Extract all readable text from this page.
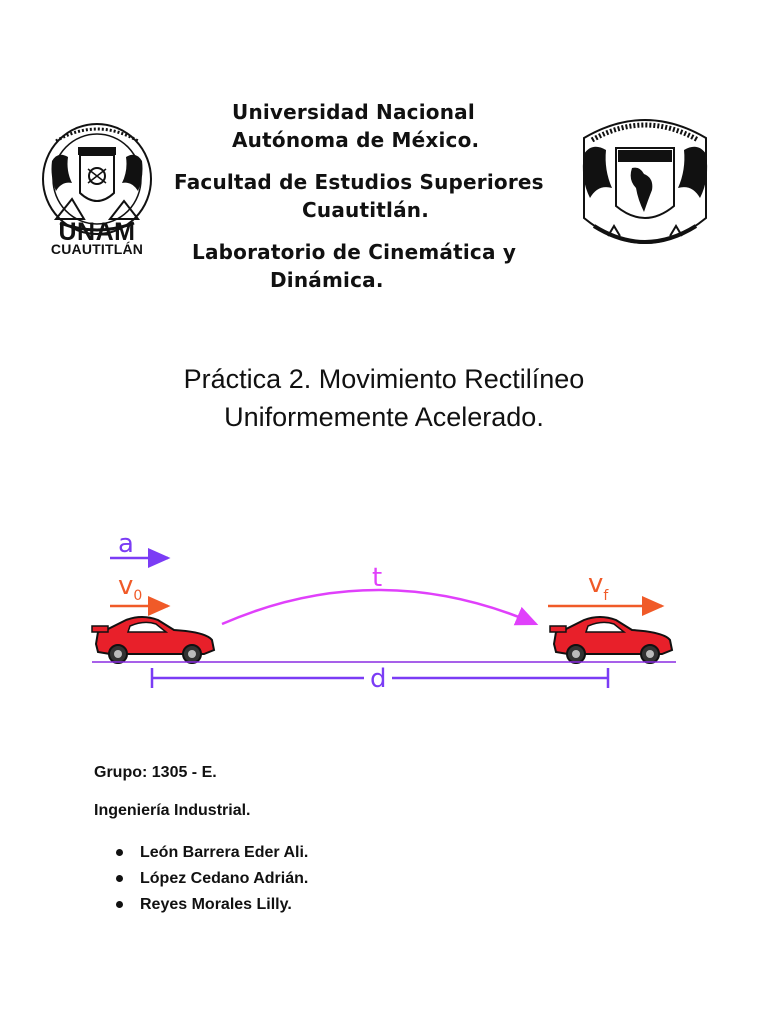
UNAM
CUAUTITLÁN
Universidad Nacional
Autónoma de México.
Facultad de Estudios Superiores
Cuautitlán.
Laboratorio de Cinemática y
Dinámica.
Práctica 2. Movimiento Rectilíneo
Uniformemente Acelerado.
a
$v_0$
t	$v_f$
d
Grupo: 1305 - E.
Ingeniería Industrial.
León Barrera Eder Ali.
López Cedano Adrián.
Reyes Morales Lilly.
